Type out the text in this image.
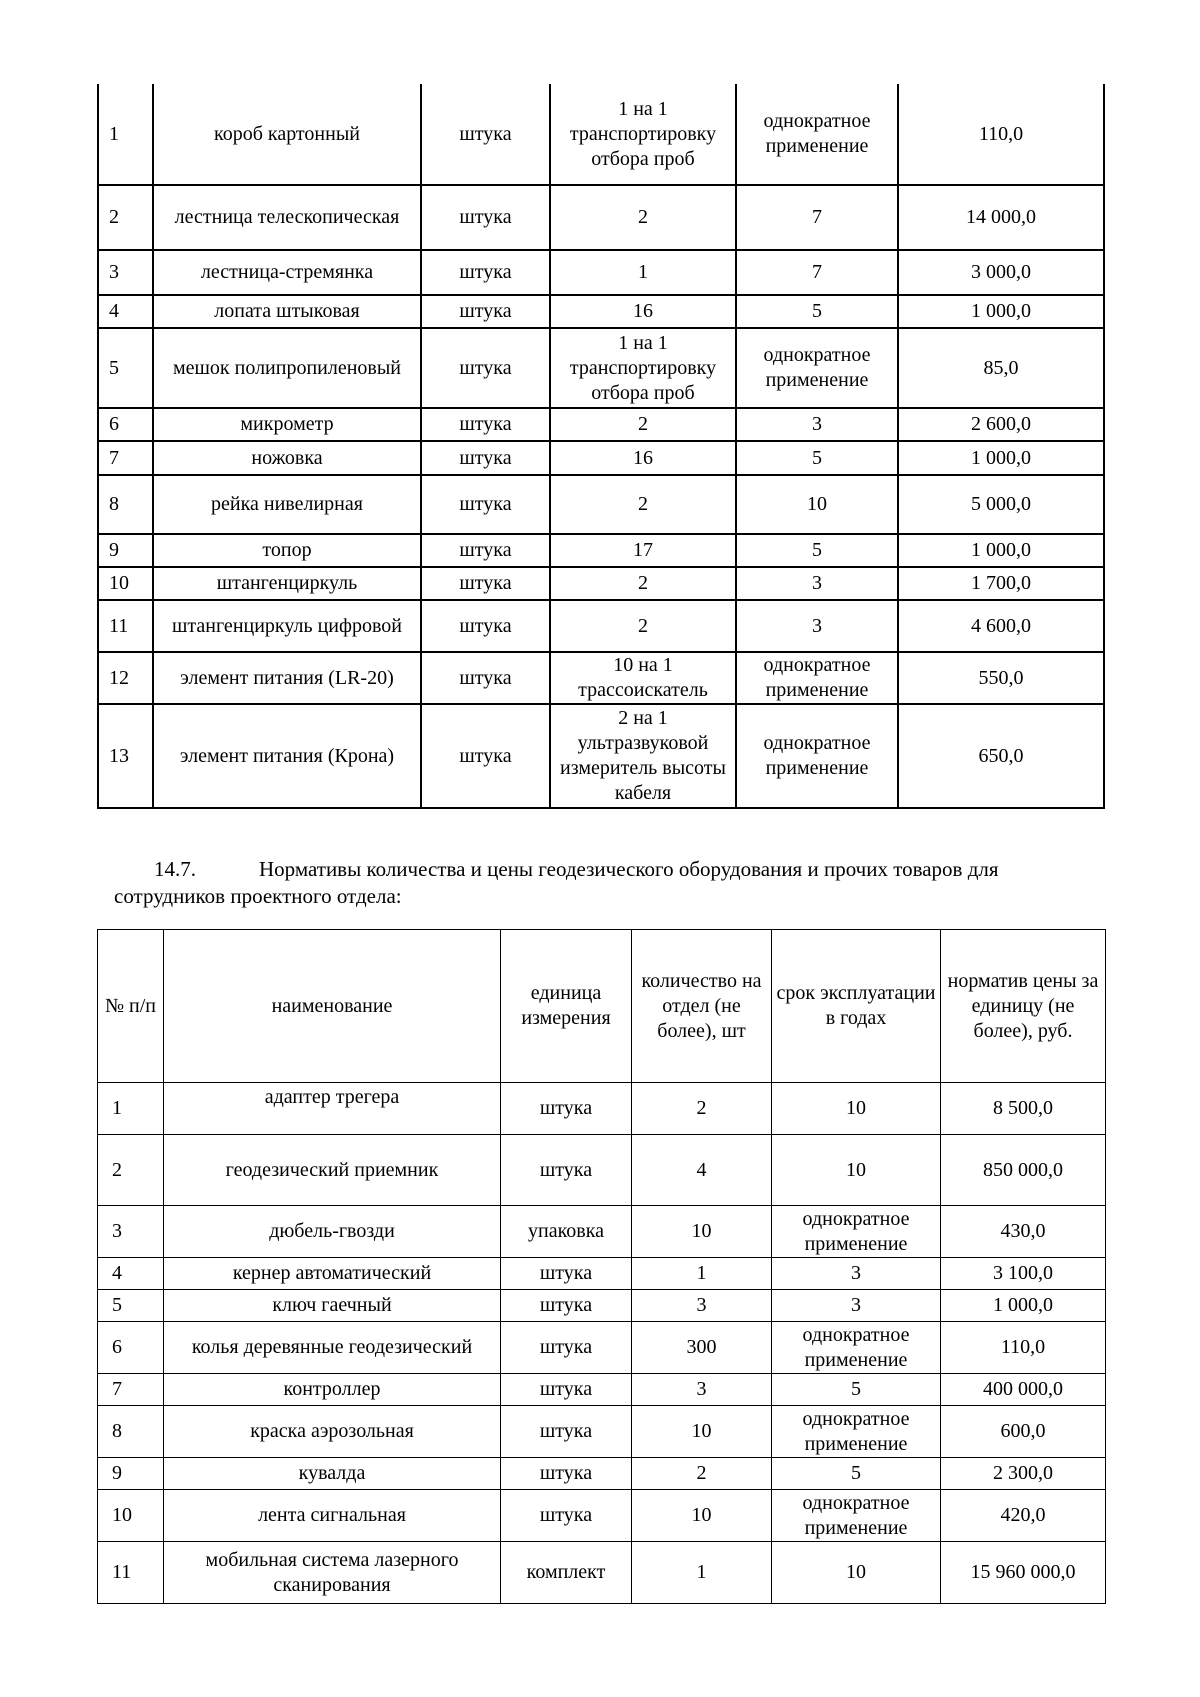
1	короб картонный	штука	1 на 1 транспортировку отбора проб	однократное применение	110,0
2	лестница телескопическая	штука	2	7	14 000,0
3	лестница-стремянка	штука	1	7	3 000,0
4	лопата штыковая	штука	16	5	1 000,0
5	мешок полипропиленовый	штука	1 на 1 транспортировку отбора проб	однократное применение	85,0
6	микрометр	штука	2	3	2 600,0
7	ножовка	штука	16	5	1 000,0
8	рейка нивелирная	штука	2	10	5 000,0
9	топор	штука	17	5	1 000,0
10	штангенциркуль	штука	2	3	1 700,0
11	штангенциркуль цифровой	штука	2	3	4 600,0
12	элемент питания (LR-20)	штука	10 на 1 трассоискатель	однократное применение	550,0
13	элемент питания (Крона)	штука	2 на 1 ультразвуковой измеритель высоты кабеля	однократное применение	650,0
14.7.	Нормативы количества и цены геодезического оборудования и прочих товаров для сотрудников проектного отдела:
№ п/п	наименование	единица измерения	количество на отдел (не более), шт	срок эксплуатации в годах	норматив цены за единицу (не более), руб.
1	адаптер трегера	штука	2	10	8 500,0
2	геодезический приемник	штука	4	10	850 000,0
3	дюбель-гвозди	упаковка	10	однократное применение	430,0
4	кернер автоматический	штука	1	3	3 100,0
5	ключ гаечный	штука	3	3	1 000,0
6	колья деревянные геодезический	штука	300	однократное применение	110,0
7	контроллер	штука	3	5	400 000,0
8	краска аэрозольная	штука	10	однократное применение	600,0
9	кувалда	штука	2	5	2 300,0
10	лента сигнальная	штука	10	однократное применение	420,0
11	мобильная система лазерного сканирования	комплект	1	10	15 960 000,0
